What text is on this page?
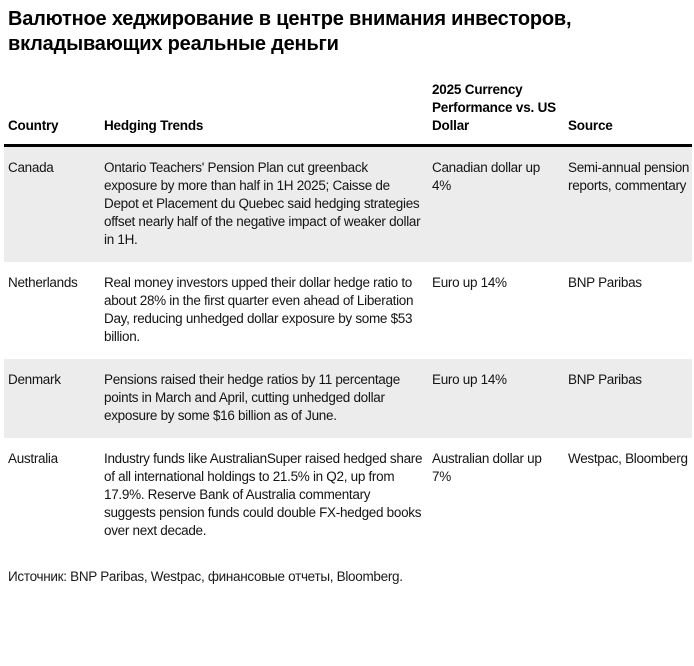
Валютное хеджирование в центре внимания инвесторов, вкладывающих реальные деньги
Country	Hedging Trends	2025 Currency Performance vs. US Dollar	Source
Canada	Ontario Teachers' Pension Plan cut greenback exposure by more than half in 1H 2025; Caisse de Depot et Placement du Quebec said hedging strategies offset nearly half of the negative impact of weaker dollar in 1H.	Canadian dollar up 4%	Semi-annual pension reports, commentary
Netherlands	Real money investors upped their dollar hedge ratio to about 28% in the first quarter even ahead of Liberation Day, reducing unhedged dollar exposure by some $53 billion.	Euro up 14%	BNP Paribas
Denmark	Pensions raised their hedge ratios by 11 percentage points in March and April, cutting unhedged dollar exposure by some $16 billion as of June.	Euro up 14%	BNP Paribas
Australia	Industry funds like AustralianSuper raised hedged share of all international holdings to 21.5% in Q2, up from 17.9%. Reserve Bank of Australia commentary suggests pension funds could double FX-hedged books over next decade.	Australian dollar up 7%	Westpac, Bloomberg
Источник: BNP Paribas, Westpac, финансовые отчеты, Bloomberg.
